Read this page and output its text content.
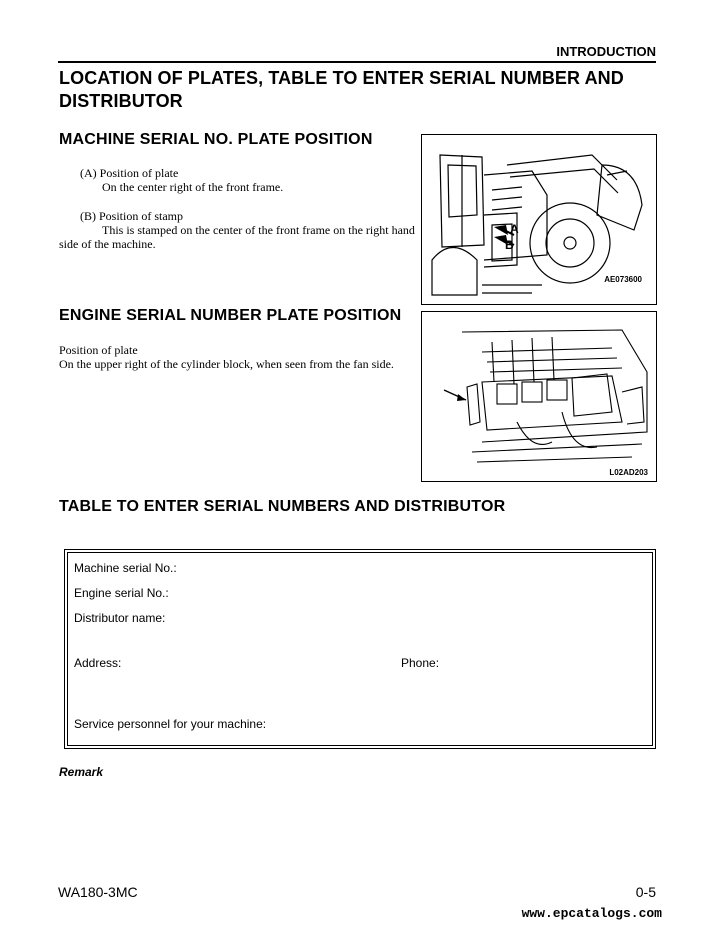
INTRODUCTION
LOCATION OF PLATES, TABLE TO ENTER SERIAL NUMBER AND DISTRIBUTOR
MACHINE SERIAL NO. PLATE POSITION
(A) Position of plate
On the center right of the front frame.
(B) Position of stamp
This is stamped on the center of the front frame on the right hand
side of the machine.
A
B
AE073600
ENGINE SERIAL NUMBER PLATE POSITION
Position of plate
On the upper right of the cylinder block, when seen from the fan side.
L02AD203
TABLE TO ENTER SERIAL NUMBERS AND DISTRIBUTOR
Machine serial No.:
Engine serial No.:
Distributor name:
Address:	Phone:
Service personnel for your machine:
Remark
WA180-3MC	0-5
www.epcatalogs.com
